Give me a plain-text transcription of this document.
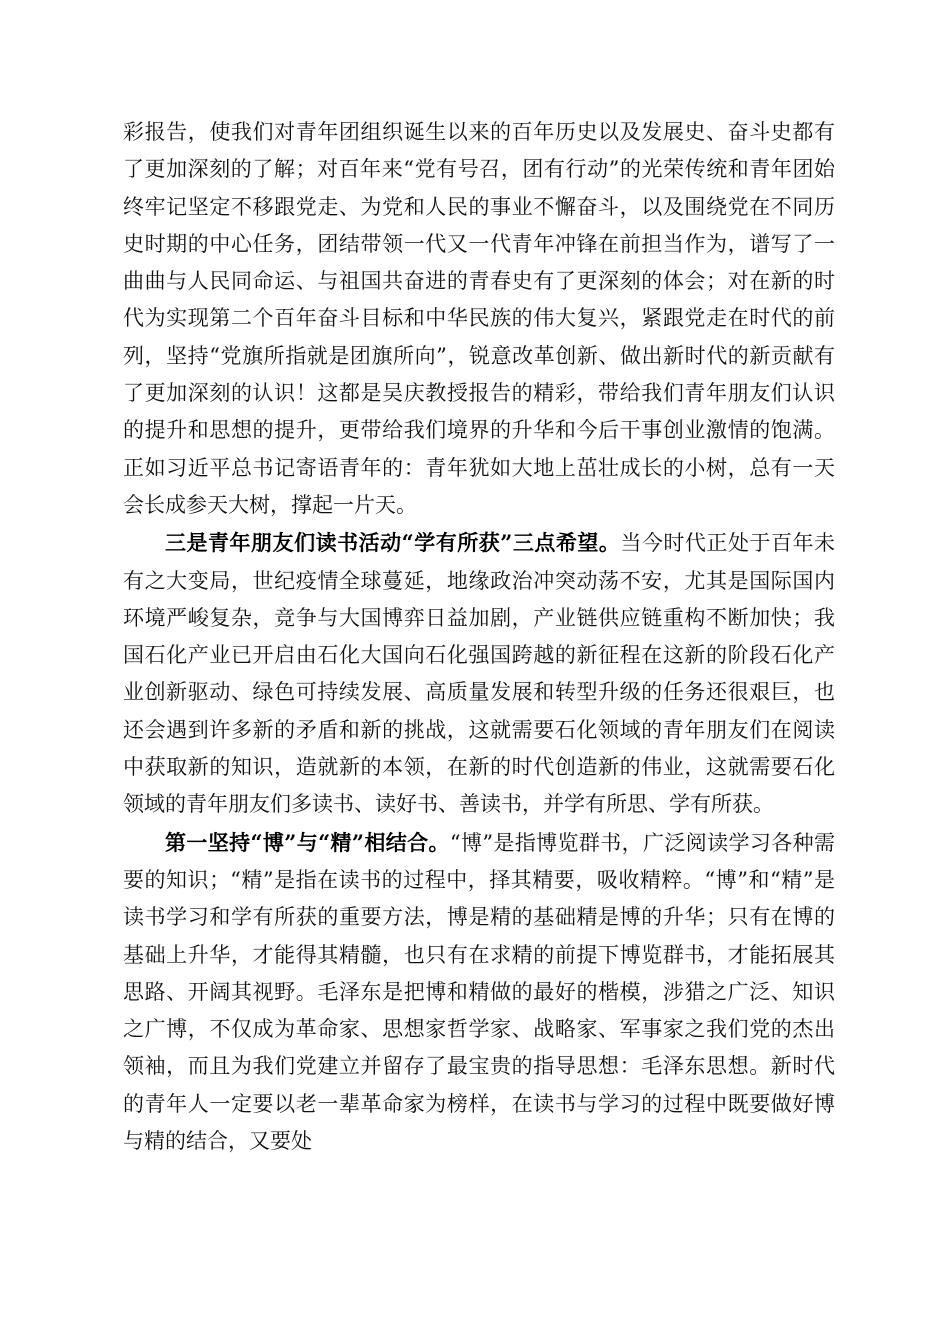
彩报告，使我们对青年团组织诞生以来的百年历史以及发展史、奋斗史都有了更加深刻的了解；对百年来“党有号召，团有行动”的光荣传统和青年团始终牢记坚定不移跟党走、为党和人民的事业不懈奋斗，以及围绕党在不同历史时期的中心任务，团结带领一代又一代青年冲锋在前担当作为，谱写了一曲曲与人民同命运、与祖国共奋进的青春史有了更深刻的体会；对在新的时代为实现第二个百年奋斗目标和中华民族的伟大复兴，紧跟党走在时代的前列，坚持“党旗所指就是团旗所向”，锐意改革创新、做出新时代的新贡献有了更加深刻的认识！这都是吴庆教授报告的精彩，带给我们青年朋友们认识的提升和思想的提升，更带给我们境界的升华和今后干事创业激情的饱满。正如习近平总书记寄语青年的：青年犹如大地上茁壮成长的小树，总有一天会长成参天大树，撑起一片天。

三是青年朋友们读书活动“学有所获”三点希望。当今时代正处于百年未有之大变局，世纪疫情全球蔓延，地缘政治冲突动荡不安，尤其是国际国内环境严峻复杂，竞争与大国博弈日益加剧，产业链供应链重构不断加快；我国石化产业已开启由石化大国向石化强国跨越的新征程在这新的阶段石化产业创新驱动、绿色可持续发展、高质量发展和转型升级的任务还很艰巨，也还会遇到许多新的矛盾和新的挑战，这就需要石化领域的青年朋友们在阅读中获取新的知识，造就新的本领，在新的时代创造新的伟业，这就需要石化领域的青年朋友们多读书、读好书、善读书，并学有所思、学有所获。

第一坚持“博”与“精”相结合。“博”是指博览群书，广泛阅读学习各种需要的知识；“精”是指在读书的过程中，择其精要，吸收精粹。“博”和“精”是读书学习和学有所获的重要方法，博是精的基础精是博的升华；只有在博的基础上升华，才能得其精髓，也只有在求精的前提下博览群书，才能拓展其思路、开阔其视野。毛泽东是把博和精做的最好的楷模，涉猎之广泛、知识之广博，不仅成为革命家、思想家哲学家、战略家、军事家之我们党的杰出领袖，而且为我们党建立并留存了最宝贵的指导思想：毛泽东思想。新时代的青年人一定要以老一辈革命家为榜样，在读书与学习的过程中既要做好博与精的结合，又要处
